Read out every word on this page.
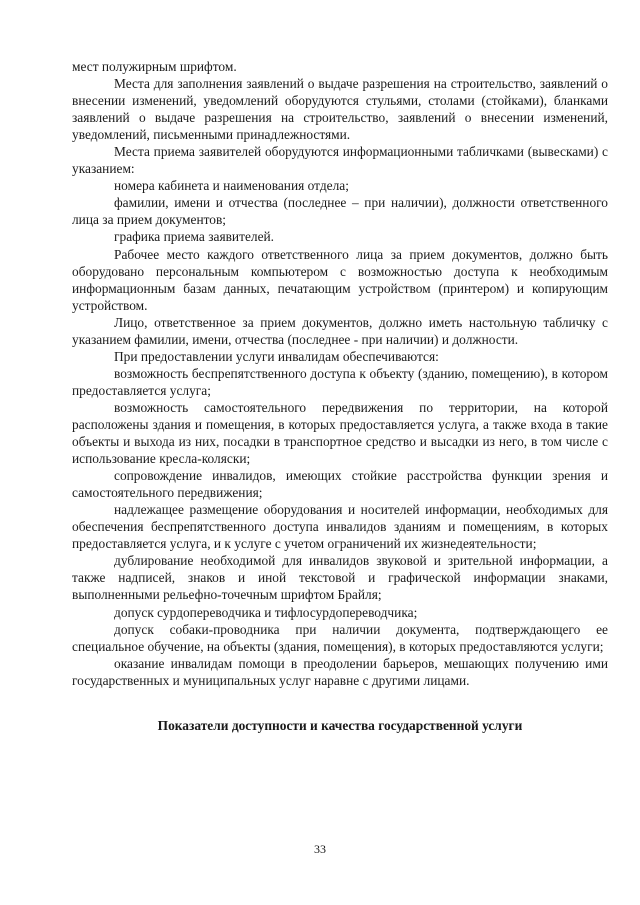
мест полужирным шрифтом.

Места для заполнения заявлений о выдаче разрешения на строительство, заявлений о внесении изменений, уведомлений оборудуются стульями, столами (стойками), бланками заявлений о выдаче разрешения на строительство, заявлений о внесении изменений, уведомлений, письменными принадлежностями.

Места приема заявителей оборудуются информационными табличками (вывесками) с указанием:

номера кабинета и наименования отдела;

фамилии, имени и отчества (последнее – при наличии), должности ответственного лица за прием документов;

графика приема заявителей.

Рабочее место каждого ответственного лица за прием документов, должно быть оборудовано персональным компьютером с возможностью доступа к необходимым информационным базам данных, печатающим устройством (принтером) и копирующим устройством.

Лицо, ответственное за прием документов, должно иметь настольную табличку с указанием фамилии, имени, отчества (последнее - при наличии) и должности.

При предоставлении услуги инвалидам обеспечиваются:

возможность беспрепятственного доступа к объекту (зданию, помещению), в котором предоставляется услуга;

возможность самостоятельного передвижения по территории, на которой расположены здания и помещения, в которых предоставляется услуга, а также входа в такие объекты и выхода из них, посадки в транспортное средство и высадки из него, в том числе с использование кресла-коляски;

сопровождение инвалидов, имеющих стойкие расстройства функции зрения и самостоятельного передвижения;

надлежащее размещение оборудования и носителей информации, необходимых для обеспечения беспрепятственного доступа инвалидов зданиям и помещениям, в которых предоставляется услуга, и к услуге с учетом ограничений их жизнедеятельности;

дублирование необходимой для инвалидов звуковой и зрительной информации, а также надписей, знаков и иной текстовой и графической информации знаками, выполненными рельефно-точечным шрифтом Брайля;

допуск сурдопереводчика и тифлосурдопереводчика;

допуск собаки-проводника при наличии документа, подтверждающего ее специальное обучение, на объекты (здания, помещения), в которых предоставляются услуги;

оказание инвалидам помощи в преодолении барьеров, мешающих получению ими государственных и муниципальных услуг наравне с другими лицами.

Показатели доступности и качества государственной услуги

33
